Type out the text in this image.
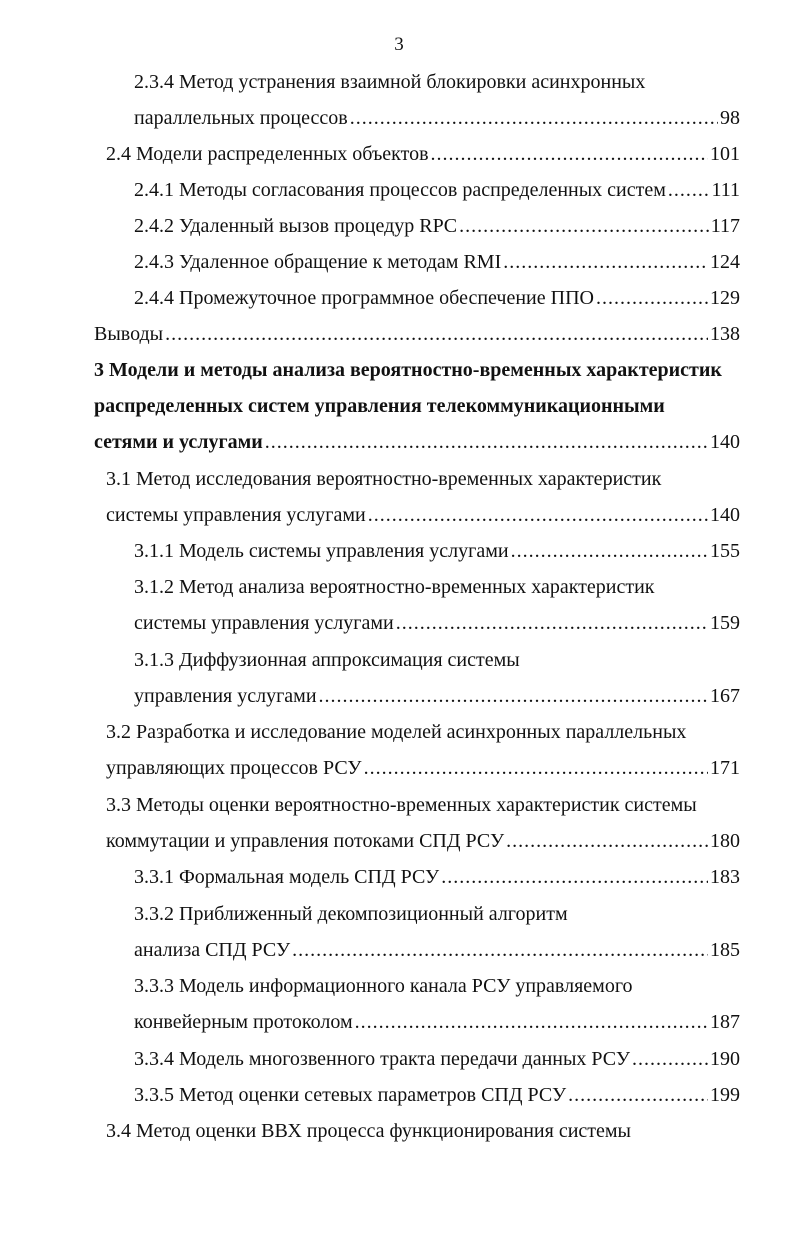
3
2.3.4 Метод устранения взаимной блокировки асинхронных
параллельных процессов .....	98
2.4 Модели распределенных объектов .....	101
2.4.1 Методы согласования процессов распределенных систем ..... 111
2.4.2 Удаленный вызов процедур RPC .....	117
2.4.3 Удаленное обращение к методам RMI .....	124
2.4.4 Промежуточное программное обеспечение ППО .....	129
Выводы .....	138
3 Модели и методы анализа вероятностно-временных характеристик
распределенных систем управления телекоммуникационными
сетями и услугами .....	140
3.1 Метод исследования вероятностно-временных характеристик
системы управления услугами .....	140
3.1.1 Модель системы управления услугами .....	155
3.1.2 Метод анализа вероятностно-временных характеристик
системы управления услугами .....	159
3.1.3 Диффузионная аппроксимация системы
управления услугами .....	167
3.2 Разработка и исследование моделей асинхронных параллельных
управляющих процессов РСУ .....	171
3.3 Методы оценки вероятностно-временных характеристик системы
коммутации и управления потоками СПД РСУ .....	180
3.3.1 Формальная модель СПД РСУ .....	183
3.3.2 Приближенный декомпозиционный алгоритм
анализа СПД РСУ .....	185
3.3.3 Модель информационного канала РСУ управляемого
конвейерным протоколом .....	187
3.3.4 Модель многозвенного тракта передачи данных РСУ .....	190
3.3.5 Метод оценки сетевых параметров СПД РСУ .....	199
3.4 Метод оценки ВВХ процесса функционирования системы
